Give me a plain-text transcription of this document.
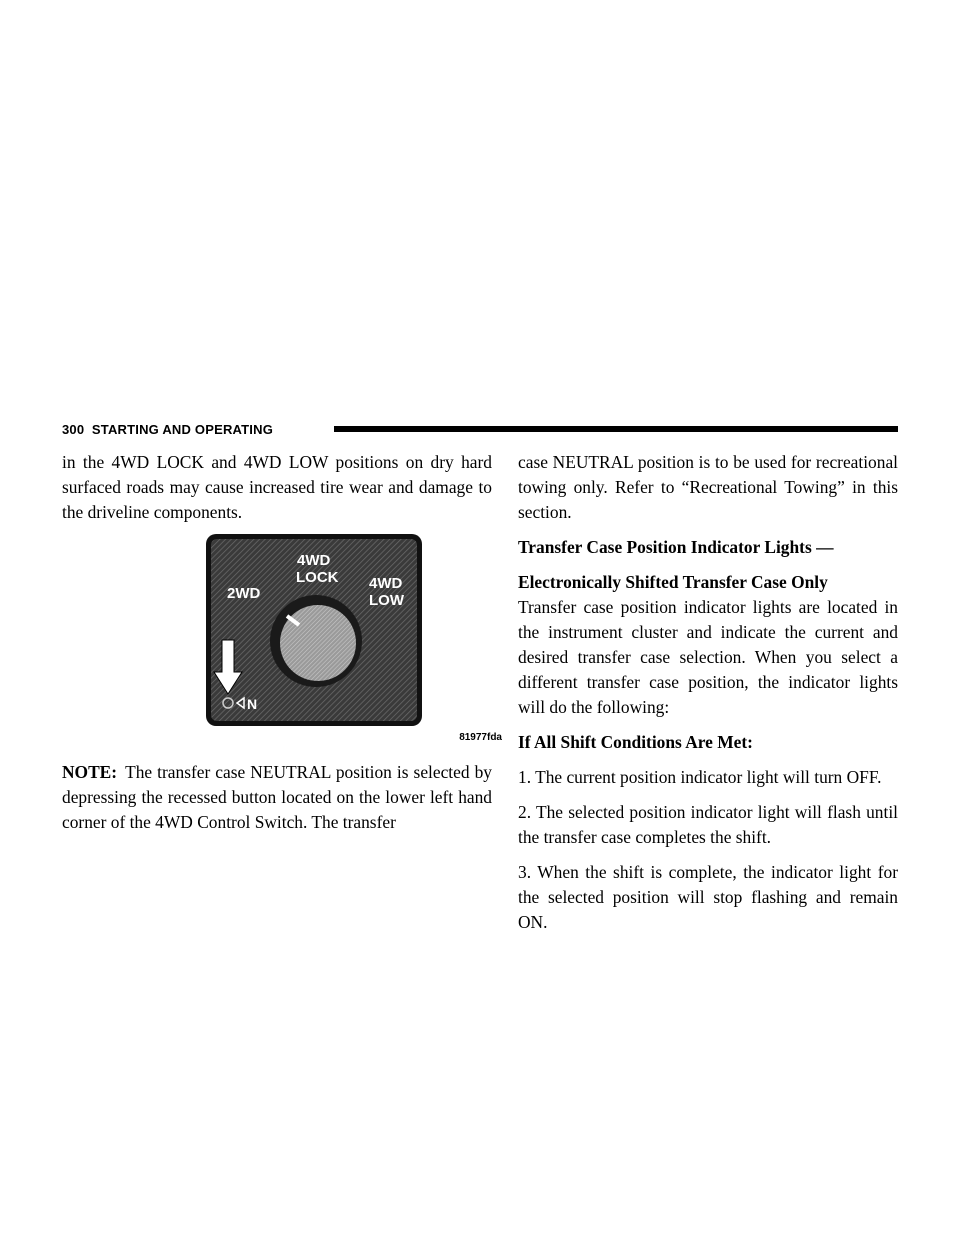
300 STARTING AND OPERATING

in the 4WD LOCK and 4WD LOW positions on dry hard surfaced roads may cause increased tire wear and damage to the driveline components.

2WD
4WD
LOCK 4WD
LOW
N
81977fda

NOTE: The transfer case NEUTRAL position is selected by depressing the recessed button located on the lower left hand corner of the 4WD Control Switch. The transfer

case NEUTRAL position is to be used for recreational towing only. Refer to “Recreational Towing” in this section.

Transfer Case Position Indicator Lights —

Electronically Shifted Transfer Case Only

Transfer case position indicator lights are located in the instrument cluster and indicate the current and desired transfer case selection. When you select a different transfer case position, the indicator lights will do the following:

If All Shift Conditions Are Met:

1. The current position indicator light will turn OFF.

2. The selected position indicator light will flash until the transfer case completes the shift.

3. When the shift is complete, the indicator light for the selected position will stop flashing and remain ON.
